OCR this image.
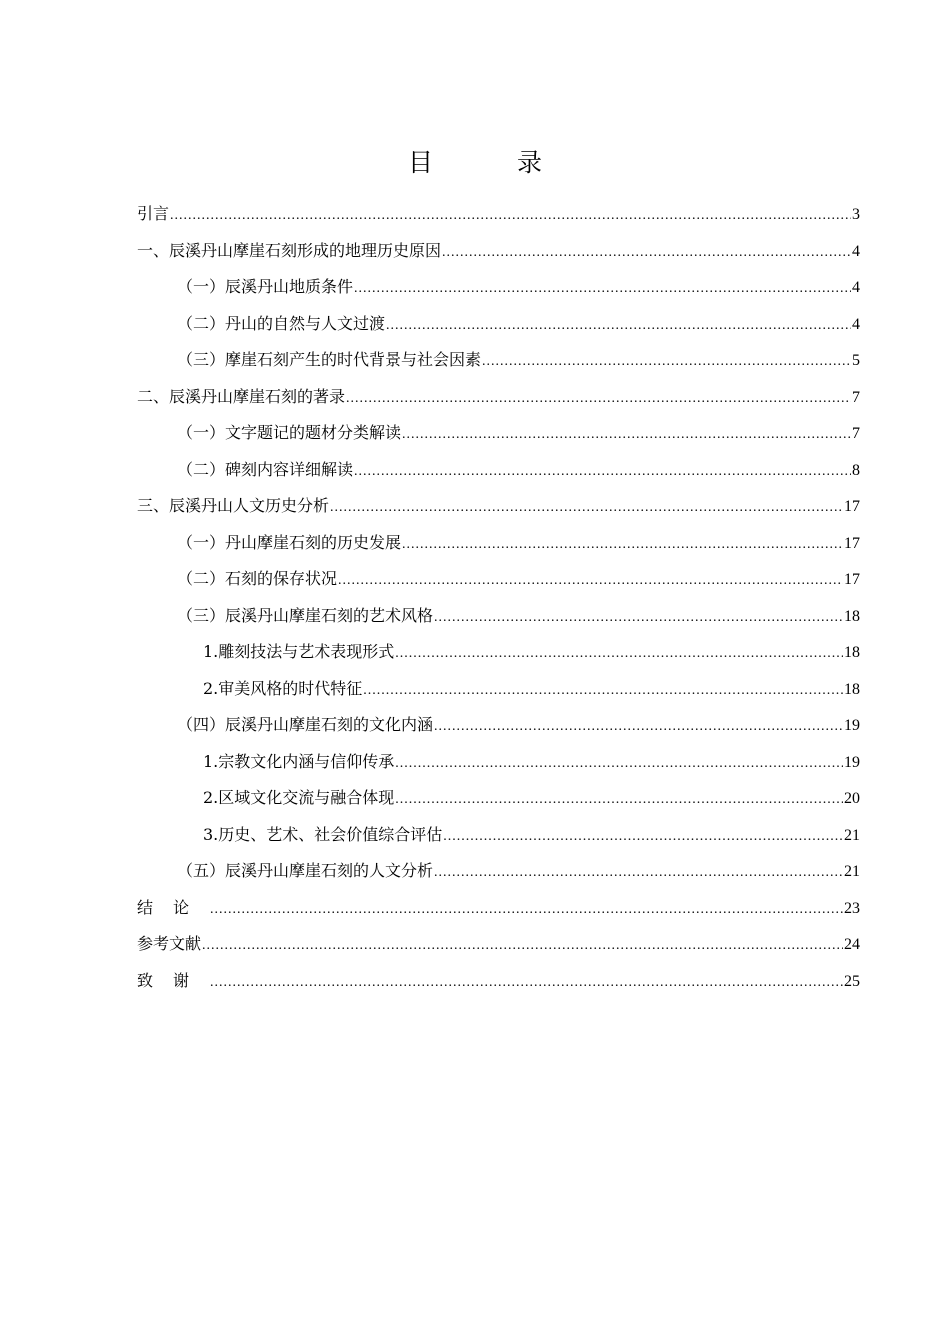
目 录
引言 .....	3
一、辰溪丹山摩崖石刻形成的地理历史原因 .....	4
（一）辰溪丹山地质条件 .....	4
（二）丹山的自然与人文过渡 .....	4
（三）摩崖石刻产生的时代背景与社会因素 .....	5
二、辰溪丹山摩崖石刻的著录 .....	7
（一）文字题记的题材分类解读 .....	7
（二）碑刻内容详细解读 .....	8
三、辰溪丹山人文历史分析 .....	17
（一）丹山摩崖石刻的历史发展 .....	17
（二）石刻的保存状况 .....	17
（三）辰溪丹山摩崖石刻的艺术风格 .....	18
1.雕刻技法与艺术表现形式 .....	18
2.审美风格的时代特征 .....	18
（四）辰溪丹山摩崖石刻的文化内涵 .....	19
1.宗教文化内涵与信仰传承 .....	19
2.区域文化交流与融合体现 .....	20
3.历史、艺术、社会价值综合评估 .....	21
（五）辰溪丹山摩崖石刻的人文分析 .....	21
结论 .....	23
参考文献 .....	24
致谢 .....	25
